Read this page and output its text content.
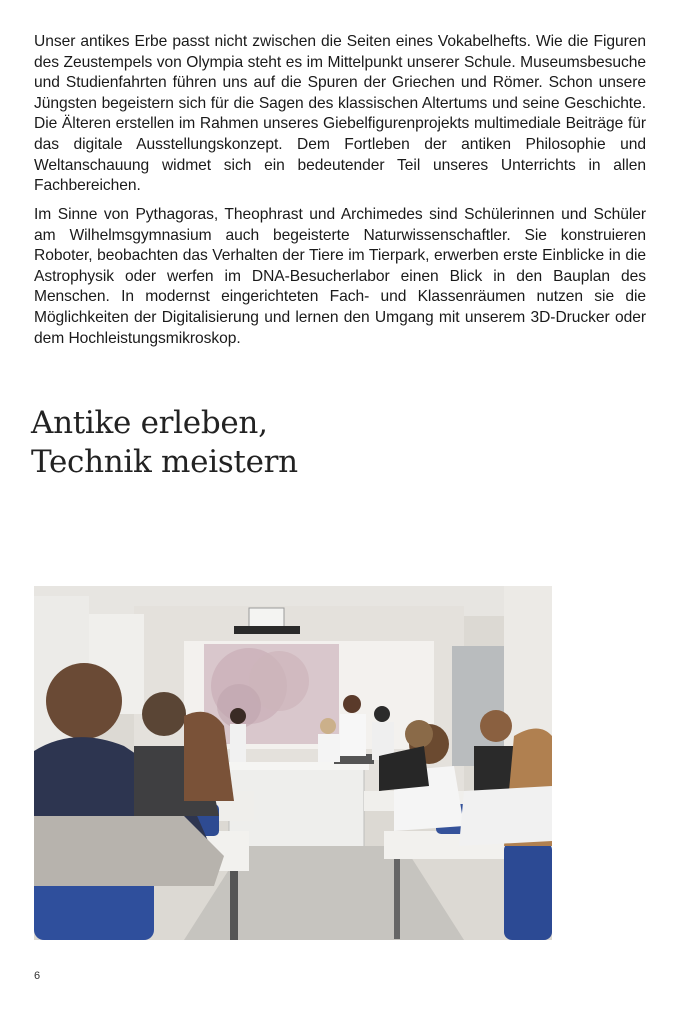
Unser antikes Erbe passt nicht zwischen die Seiten eines Vokabelhefts. Wie die Figuren des Zeustempels von Olympia steht es im Mittelpunkt unserer Schule. Museumsbesuche und Studienfahrten führen uns auf die Spuren der Griechen und Römer. Schon unsere Jüngsten begeistern sich für die Sagen des klassischen Altertums und seine Geschichte. Die Älteren erstellen im Rahmen unseres Giebelfigurenprojekts multimediale Beiträge für das digitale Ausstellungskonzept. Dem Fortleben der antiken Philosophie und Weltanschauung widmet sich ein bedeutender Teil unseres Unterrichts in allen Fachbereichen.

Im Sinne von Pythagoras, Theophrast und Archimedes sind Schülerinnen und Schüler am Wilhelmsgymnasium auch begeisterte Naturwissenschaftler. Sie konstruieren Roboter, beobachten das Verhalten der Tiere im Tierpark, erwerben erste Einblicke in die Astrophysik oder werfen im DNA-Besucherlabor einen Blick in den Bauplan des Menschen. In modernst eingerichteten Fach- und Klassenräumen nutzen sie die Möglichkeiten der Digitalisierung und lernen den Umgang mit unserem 3D-Drucker oder dem Hochleistungsmikroskop.

Antike erleben,
Technik meistern
6
